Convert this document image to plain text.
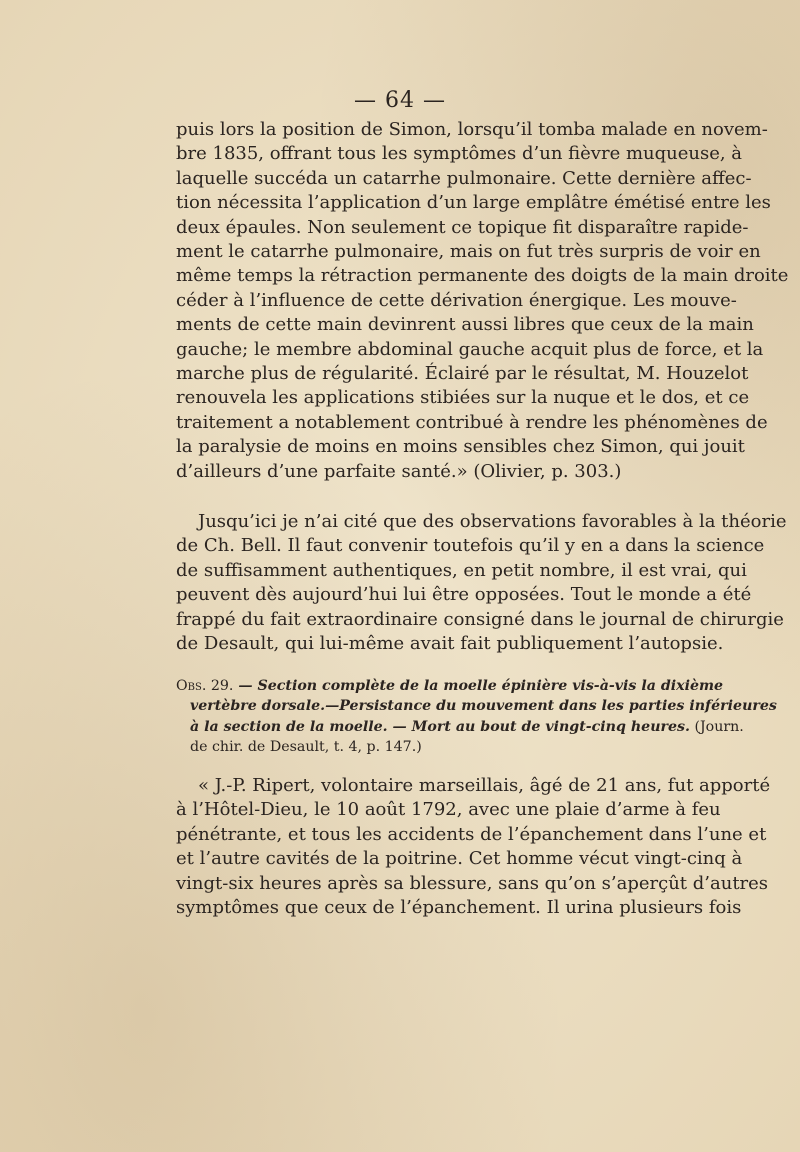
— 64 —
puis lors la position de Simon, lorsqu’il tomba malade en novem-
bre 1835, offrant tous les symptômes d’un fièvre muqueuse, à
laquelle succéda un catarrhe pulmonaire. Cette dernière affec-
tion nécessita l’application d’un large emplâtre émétisé entre les
deux épaules. Non seulement ce topique fit disparaître rapide-
ment le catarrhe pulmonaire, mais on fut très surpris de voir en
même temps la rétraction permanente des doigts de la main droite
céder à l’influence de cette dérivation énergique. Les mouve-
ments de cette main devinrent aussi libres que ceux de la main
gauche; le membre abdominal gauche acquit plus de force, et la
marche plus de régularité. Éclairé par le résultat, M. Houzelot
renouvela les applications stibiées sur la nuque et le dos, et ce
traitement a notablement contribué à rendre les phénomènes de
la paralysie de moins en moins sensibles chez Simon, qui jouit
d’ailleurs d’une parfaite santé.» (Olivier, p. 303.)
Jusqu’ici je n’ai cité que des observations favorables à la théorie
de Ch. Bell. Il faut convenir toutefois qu’il y en a dans la science
de suffisamment authentiques, en petit nombre, il est vrai, qui
peuvent dès aujourd’hui lui être opposées. Tout le monde a été
frappé du fait extraordinaire consigné dans le journal de chirurgie
de Desault, qui lui-même avait fait publiquement l’autopsie.
Obs. 29. — Section complète de la moelle épinière vis-à-vis la dixième
vertèbre dorsale.—Persistance du mouvement dans les parties inférieures
à la section de la moelle. — Mort au bout de vingt-cinq heures. (Journ.
de chir. de Desault, t. 4, p. 147.)
« J.-P. Ripert, volontaire marseillais, âgé de 21 ans, fut apporté
à l’Hôtel-Dieu, le 10 août 1792, avec une plaie d’arme à feu
pénétrante, et tous les accidents de l’épanchement dans l’une et
et l’autre cavités de la poitrine. Cet homme vécut vingt-cinq à
vingt-six heures après sa blessure, sans qu’on s’aperçût d’autres
symptômes que ceux de l’épanchement. Il urina plusieurs fois
